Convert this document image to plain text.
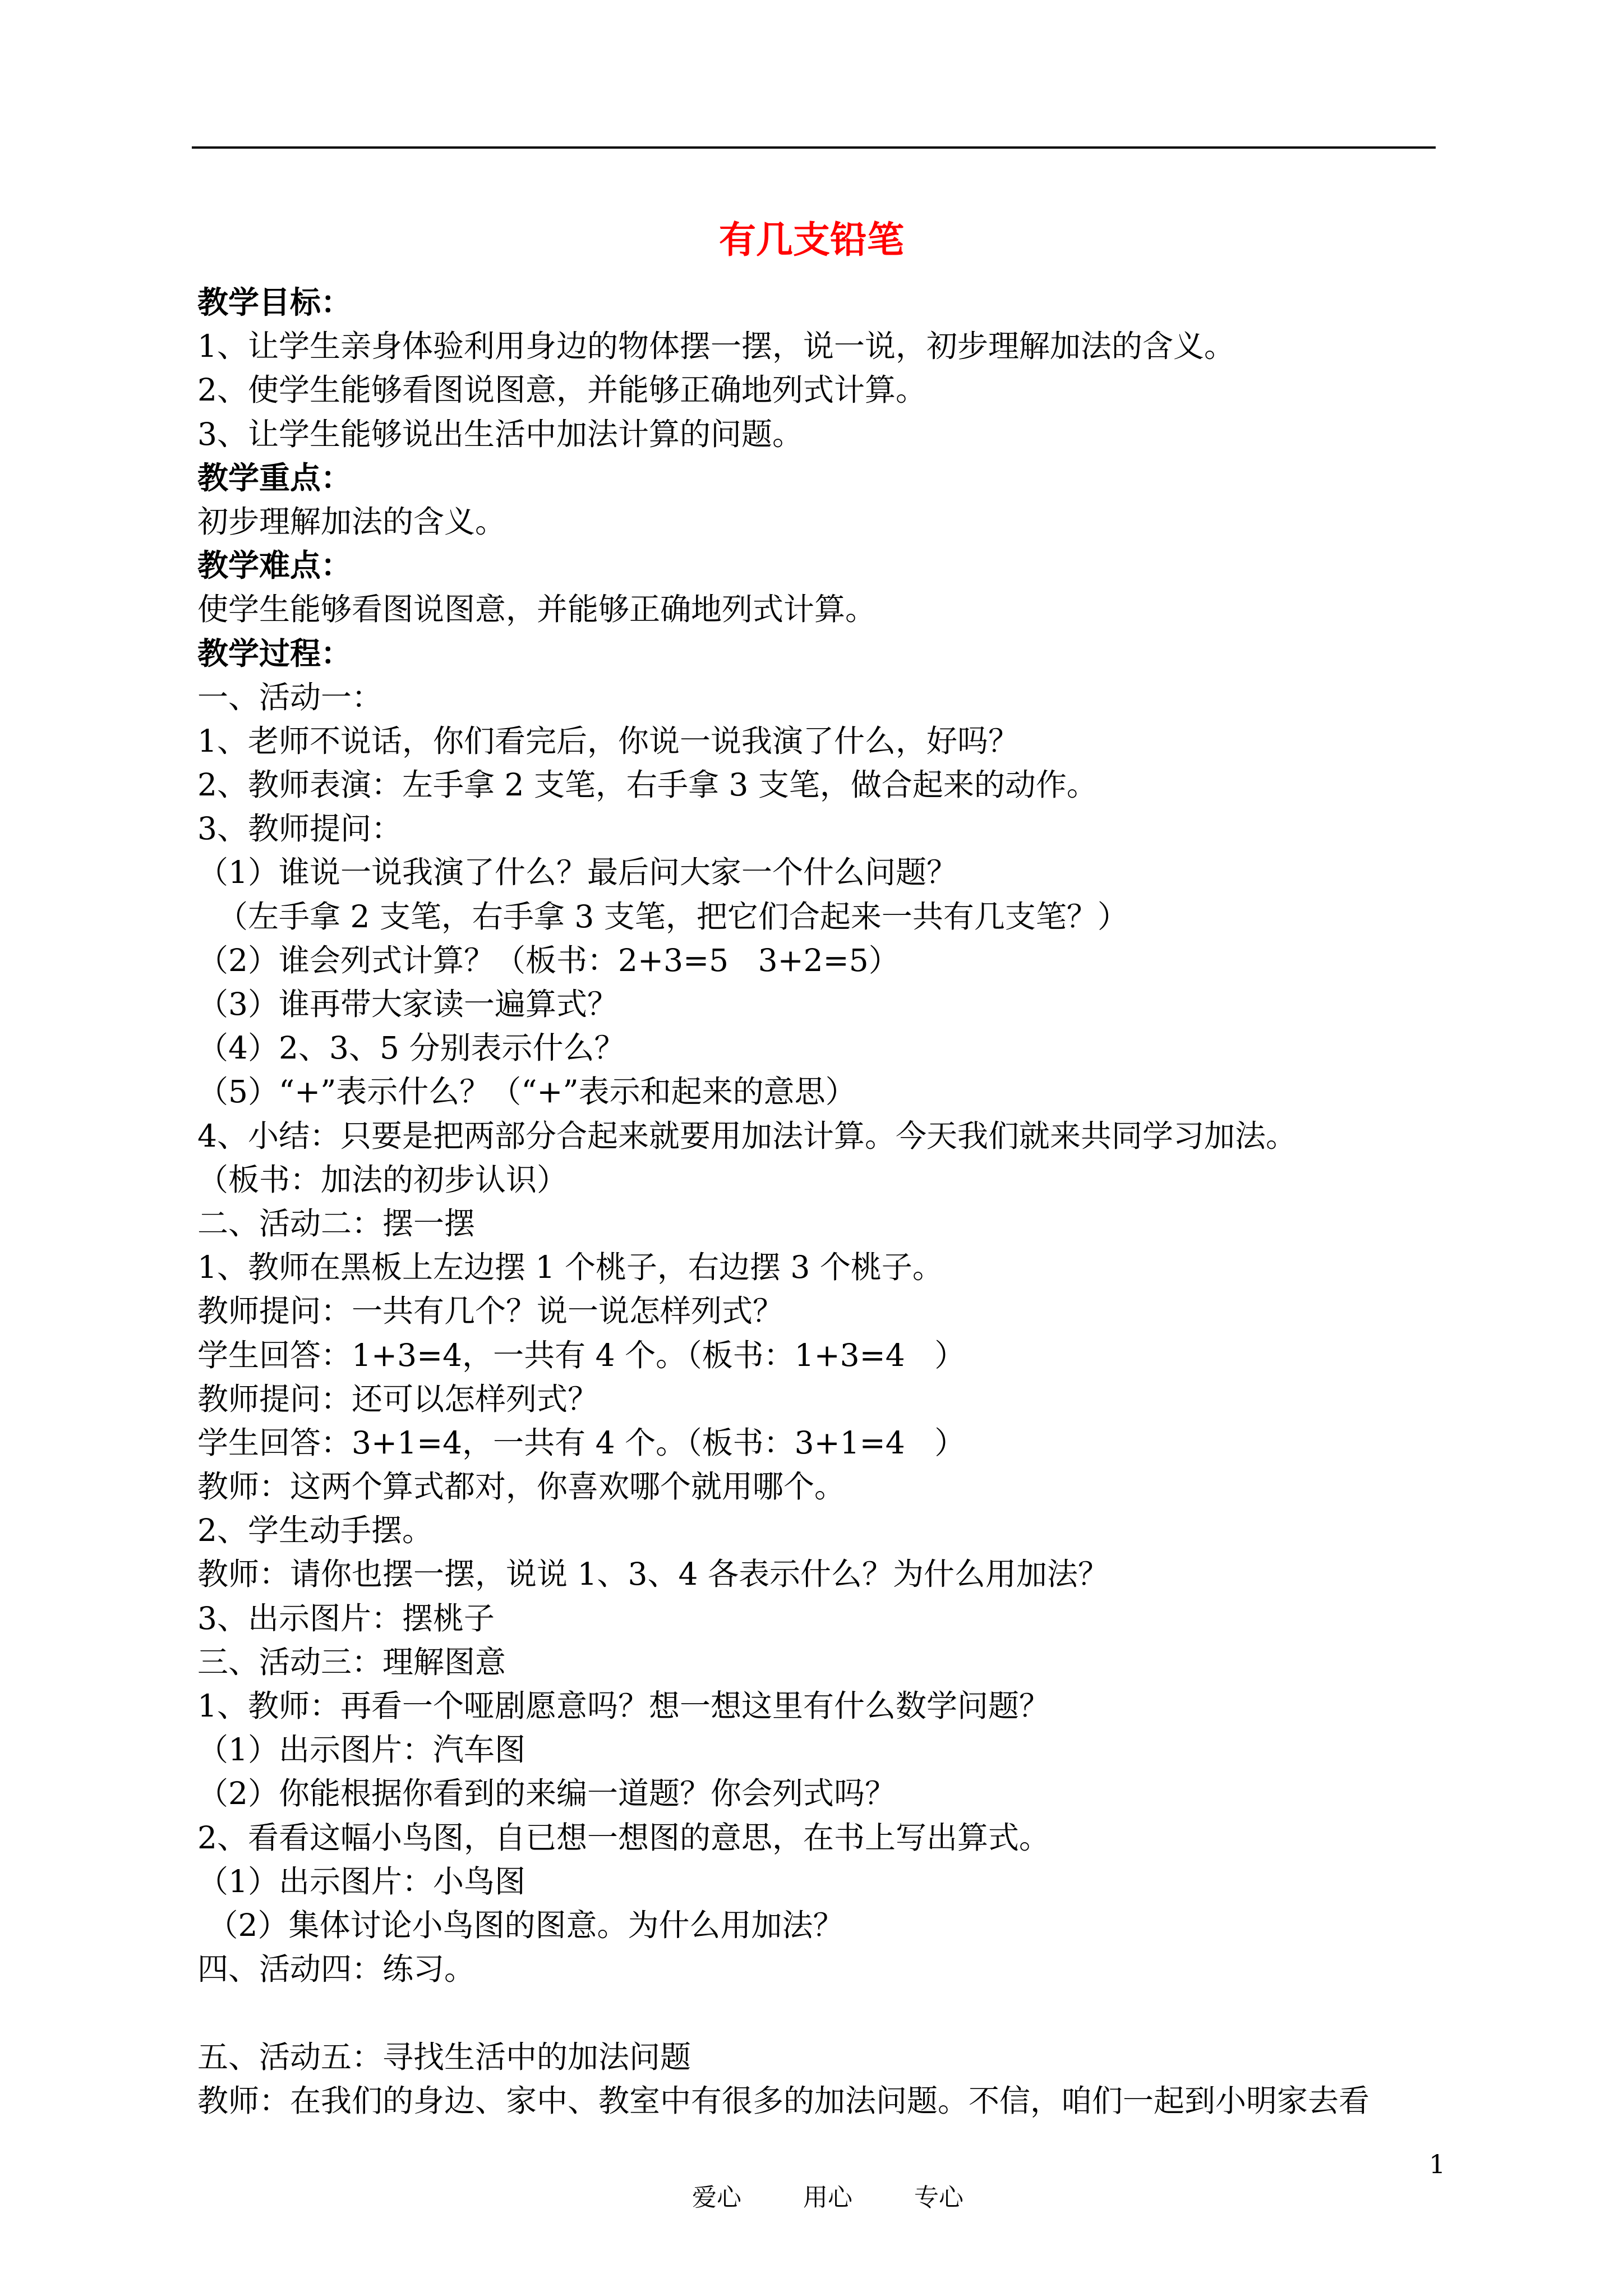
有几支铅笔
教学目标：
1、让学生亲身体验利用身边的物体摆一摆，说一说，初步理解加法的含义。
2、使学生能够看图说图意，并能够正确地列式计算。
3、让学生能够说出生活中加法计算的问题。
教学重点：
初步理解加法的含义。
教学难点：
使学生能够看图说图意，并能够正确地列式计算。
教学过程：
一、活动一：
1、老师不说话，你们看完后，你说一说我演了什么，好吗？
2、教师表演：左手拿 2 支笔，右手拿 3 支笔，做合起来的动作。
3、教师提问：
（1）谁说一说我演了什么？最后问大家一个什么问题？
（左手拿 2 支笔，右手拿 3 支笔，把它们合起来一共有几支笔？）
（2）谁会列式计算？（板书：2+3=5   3+2=5）
（3）谁再带大家读一遍算式？
（4）2、3、5 分别表示什么？
（5）“+”表示什么？（“+”表示和起来的意思）
4、小结：只要是把两部分合起来就要用加法计算。今天我们就来共同学习加法。
（板书：加法的初步认识）
二、活动二：摆一摆
1、教师在黑板上左边摆 1 个桃子，右边摆 3 个桃子。
教师提问：一共有几个？说一说怎样列式？
学生回答：1+3=4，一共有 4 个。（板书：1+3=4   ）
教师提问：还可以怎样列式？
学生回答：3+1=4，一共有 4 个。（板书：3+1=4   ）
教师：这两个算式都对，你喜欢哪个就用哪个。
2、学生动手摆。
教师：请你也摆一摆，说说 1、3、4 各表示什么？为什么用加法？
3、出示图片：摆桃子
三、活动三：理解图意
1、教师：再看一个哑剧愿意吗？想一想这里有什么数学问题？
（1）出示图片：汽车图
（2）你能根据你看到的来编一道题？你会列式吗？
2、看看这幅小鸟图，自已想一想图的意思，在书上写出算式。
（1）出示图片：小鸟图
（2）集体讨论小鸟图的图意。为什么用加法？
四、活动四：练习。
五、活动五：寻找生活中的加法问题
教师：在我们的身边、家中、教室中有很多的加法问题。不信，咱们一起到小明家去看

爱心	用心	专心

1
